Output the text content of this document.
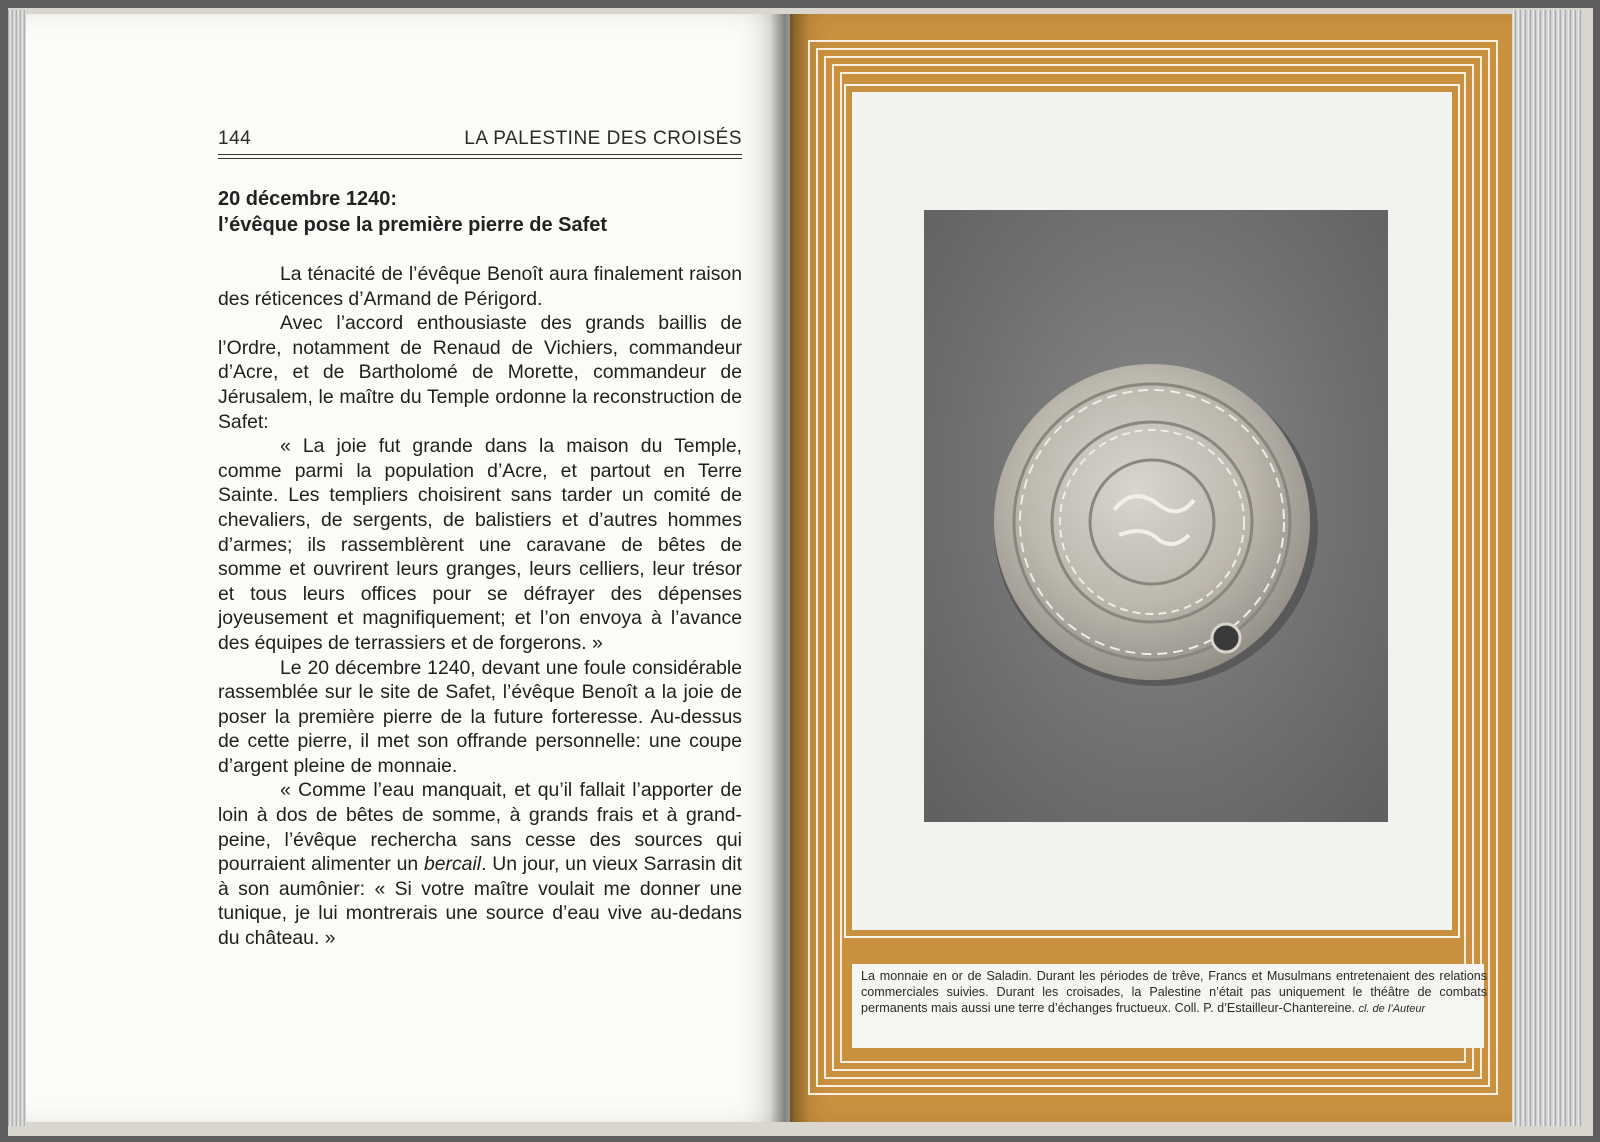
144	LA PALESTINE DES CROISÉS
20 décembre 1240:
l’évêque pose la première pierre de Safet

La ténacité de l’évêque Benoît aura finalement raison des réticences d’Armand de Périgord.

Avec l’accord enthousiaste des grands baillis de l’Ordre, notamment de Renaud de Vichiers, commandeur d’Acre, et de Bartholomé de Morette, commandeur de Jérusalem, le maître du Temple ordonne la reconstruction de Safet:

« La joie fut grande dans la maison du Temple, comme parmi la population d’Acre, et partout en Terre Sainte. Les templiers choisirent sans tarder un comité de chevaliers, de sergents, de balistiers et d’autres hommes d’armes; ils rassemblèrent une caravane de bêtes de somme et ouvrirent leurs granges, leurs celliers, leur trésor et tous leurs offices pour se défrayer des dépenses joyeusement et magnifiquement; et l’on envoya à l’avance des équipes de terrassiers et de forgerons. »

Le 20 décembre 1240, devant une foule considérable rassemblée sur le site de Safet, l’évêque Benoît a la joie de poser la première pierre de la future forteresse. Au-dessus de cette pierre, il met son offrande personnelle: une coupe d’argent pleine de monnaie.

« Comme l’eau manquait, et qu’il fallait l’apporter de loin à dos de bêtes de somme, à grands frais et à grand-peine, l’évêque rechercha sans cesse des sources qui pourraient alimenter un bercail. Un jour, un vieux Sarrasin dit à son aumônier: « Si votre maître voulait me donner une tunique, je lui montrerais une source d’eau vive au-dedans du château. »

La monnaie en or de Saladin. Durant les périodes de trêve, Francs et Musulmans entretenaient des relations commerciales suivies. Durant les croisades, la Palestine n’était pas uniquement le théâtre de combats permanents mais aussi une terre d’échanges fructueux. Coll. P. d’Estailleur-Chantereine. cl. de l’Auteur
